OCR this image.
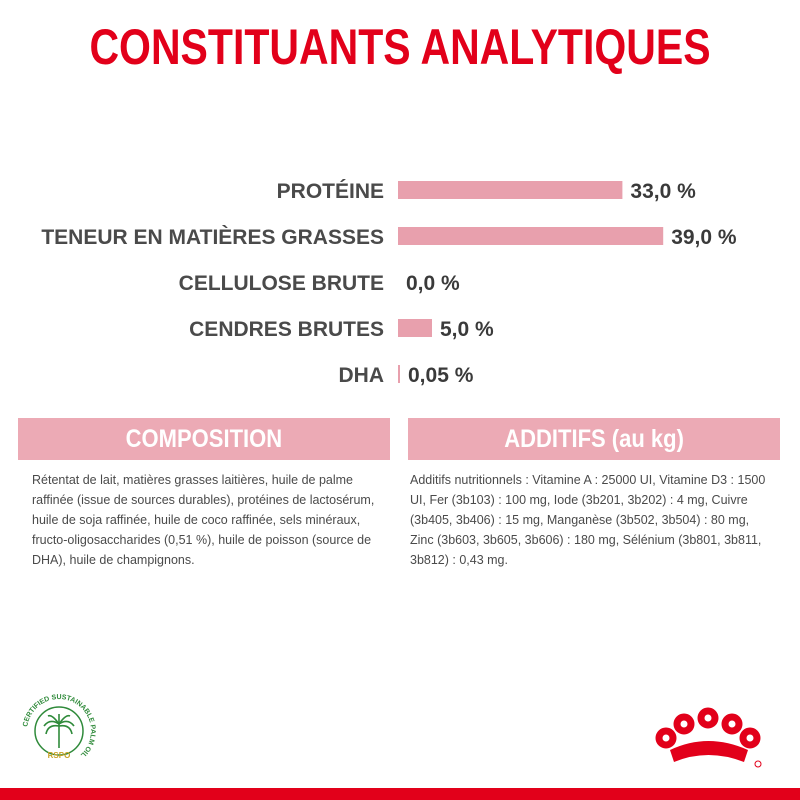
CONSTITUANTS ANALYTIQUES
PROTÉINE	33,0 %
TENEUR EN MATIÈRES GRASSES	39,0 %
CELLULOSE BRUTE 0,0 %
CENDRES BRUTES	5,0 %
DHA 0,05 %
COMPOSITION
Rétentat de lait, matières grasses laitières, huile de palme raffinée (issue de sources durables), protéines de lactosérum, huile de soja raffinée, huile de coco raffinée, sels minéraux, fructo-oligosaccharides (0,51 %), huile de poisson (source de DHA), huile de champignons.
ADDITIFS (au kg)
Additifs nutritionnels : Vitamine A : 25000 UI, Vitamine D3 : 1500 UI, Fer (3b103) : 100 mg, Iode (3b201, 3b202) : 4 mg, Cuivre (3b405, 3b406) : 15 mg, Manganèse (3b502, 3b504) : 80 mg, Zinc (3b603, 3b605, 3b606) : 180 mg, Sélénium (3b801, 3b811, 3b812) : 0,43 mg.
CERTIFIED SUSTAINABLE PALM OIL
RSPO
